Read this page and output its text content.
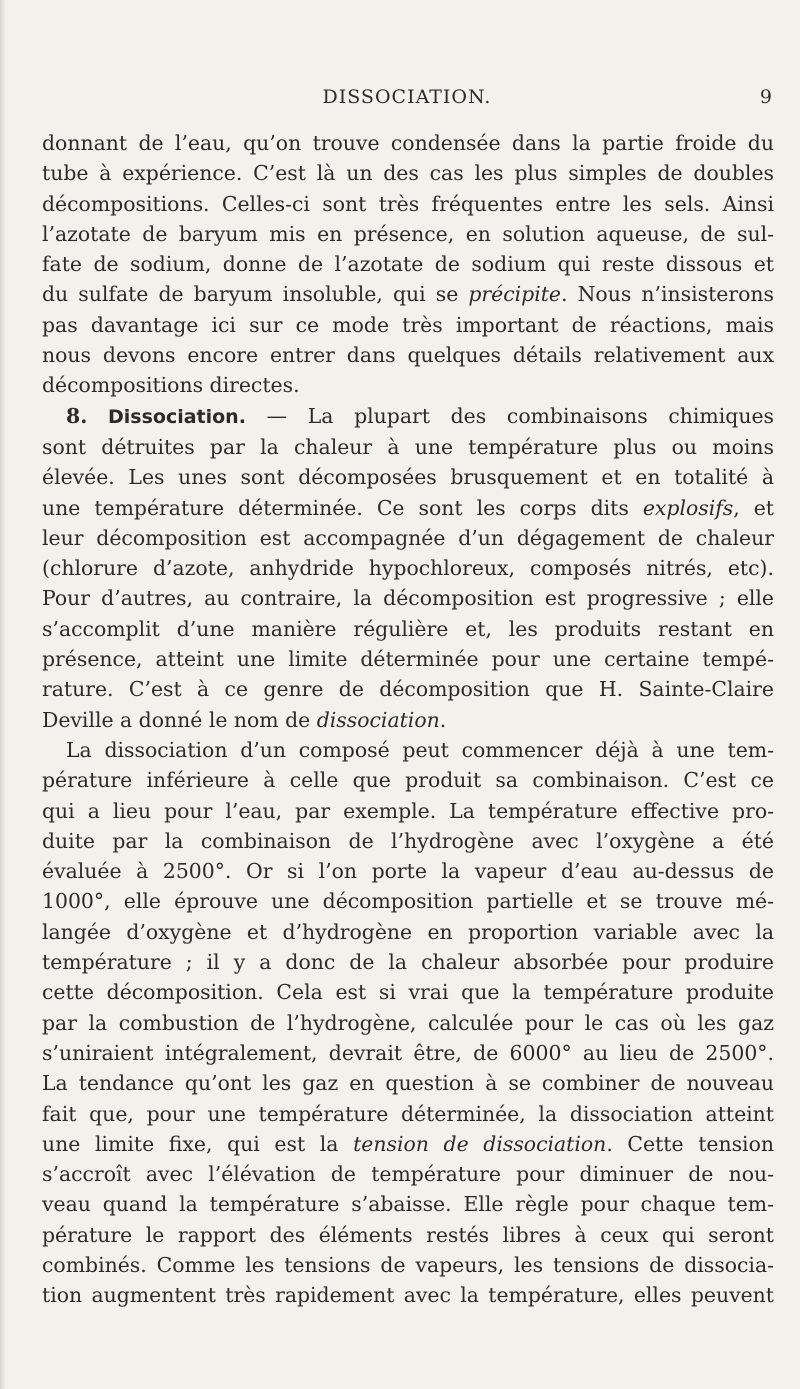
DISSOCIATION.	9
donnant de l’eau, qu’on trouve condensée dans la partie froide du
tube à expérience. C’est là un des cas les plus simples de doubles
décompositions. Celles-ci sont très fréquentes entre les sels. Ainsi
l’azotate de baryum mis en présence, en solution aqueuse, de sul-
fate de sodium, donne de l’azotate de sodium qui reste dissous et
du sulfate de baryum insoluble, qui se précipite. Nous n’insisterons
pas davantage ici sur ce mode très important de réactions, mais
nous devons encore entrer dans quelques détails relativement aux
décompositions directes.
8. Dissociation. — La plupart des combinaisons chimiques
sont détruites par la chaleur à une température plus ou moins
élevée. Les unes sont décomposées brusquement et en totalité à
une température déterminée. Ce sont les corps dits explosifs, et
leur décomposition est accompagnée d’un dégagement de chaleur
(chlorure d’azote, anhydride hypochloreux, composés nitrés, etc).
Pour d’autres, au contraire, la décomposition est progressive ; elle
s’accomplit d’une manière régulière et, les produits restant en
présence, atteint une limite déterminée pour une certaine tempé-
rature. C’est à ce genre de décomposition que H. Sainte-Claire
Deville a donné le nom de dissociation.
La dissociation d’un composé peut commencer déjà à une tem-
pérature inférieure à celle que produit sa combinaison. C’est ce
qui a lieu pour l’eau, par exemple. La température effective pro-
duite par la combinaison de l’hydrogène avec l’oxygène a été
évaluée à 2500°. Or si l’on porte la vapeur d’eau au-dessus de
1000°, elle éprouve une décomposition partielle et se trouve mé-
langée d’oxygène et d’hydrogène en proportion variable avec la
température ; il y a donc de la chaleur absorbée pour produire
cette décomposition. Cela est si vrai que la température produite
par la combustion de l’hydrogène, calculée pour le cas où les gaz
s’uniraient intégralement, devrait être, de 6000° au lieu de 2500°.
La tendance qu’ont les gaz en question à se combiner de nouveau
fait que, pour une température déterminée, la dissociation atteint
une limite fixe, qui est la tension de dissociation. Cette tension
s’accroît avec l’élévation de température pour diminuer de nou-
veau quand la température s’abaisse. Elle règle pour chaque tem-
pérature le rapport des éléments restés libres à ceux qui seront
combinés. Comme les tensions de vapeurs, les tensions de dissocia-
tion augmentent très rapidement avec la température, elles peuvent
